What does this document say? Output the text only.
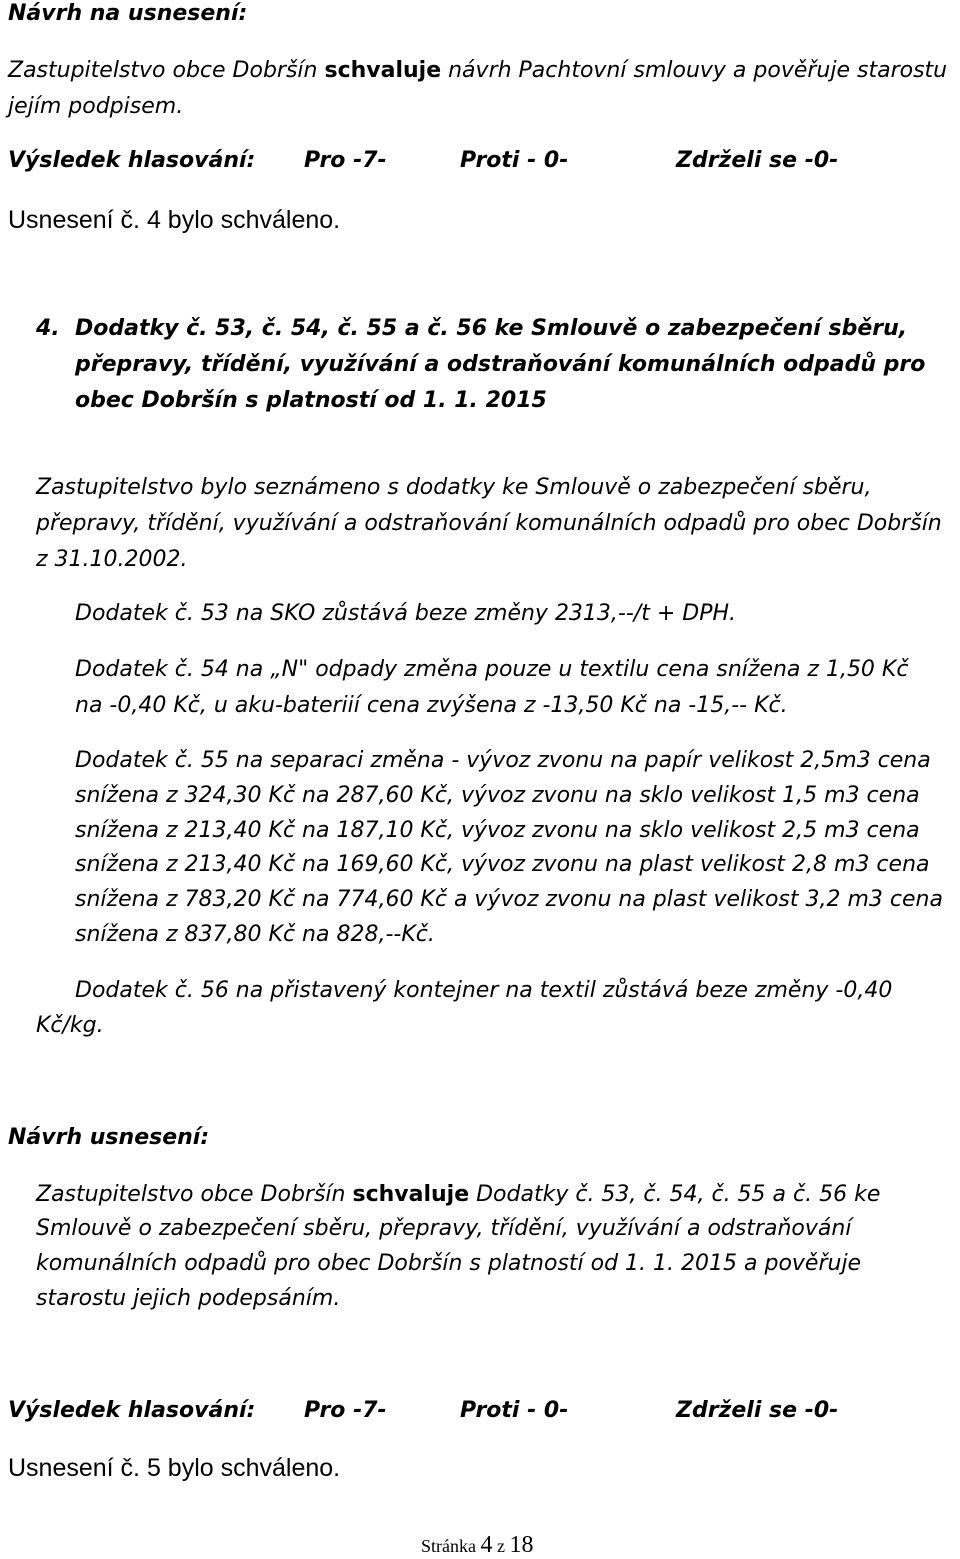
Návrh na usnesení:
Zastupitelstvo obce Dobršín schvaluje návrh Pachtovní smlouvy a pověřuje starostu
jejím podpisem.
Výsledek hlasování: Pro -7-	Proti - 0-	Zdrželi se -0-
Usnesení č. 4 bylo schváleno.
4. Dodatky č. 53, č. 54, č. 55 a č. 56 ke Smlouvě o zabezpečení sběru,
přepravy, třídění, využívání a odstraňování komunálních odpadů pro
obec Dobršín s platností od 1. 1. 2015
Zastupitelstvo bylo seznámeno s dodatky ke Smlouvě o zabezpečení sběru,
přepravy, třídění, využívání a odstraňování komunálních odpadů pro obec Dobršín
z 31.10.2002.
Dodatek č. 53 na SKO zůstává beze změny 2313,--/t + DPH.
Dodatek č. 54 na „N" odpady změna pouze u textilu cena snížena z 1,50 Kč
na -0,40 Kč, u aku-bateriií cena zvýšena z -13,50 Kč na -15,-- Kč.
Dodatek č. 55 na separaci změna - vývoz zvonu na papír velikost 2,5m3 cena
snížena z 324,30 Kč na 287,60 Kč, vývoz zvonu na sklo velikost 1,5 m3 cena
snížena z 213,40 Kč na 187,10 Kč, vývoz zvonu na sklo velikost 2,5 m3 cena
snížena z 213,40 Kč na 169,60 Kč, vývoz zvonu na plast velikost 2,8 m3 cena
snížena z 783,20 Kč na 774,60 Kč a vývoz zvonu na plast velikost 3,2 m3 cena
snížena z 837,80 Kč na 828,--Kč.
Dodatek č. 56 na přistavený kontejner na textil zůstává beze změny -0,40
Kč/kg.
Návrh usnesení:
Zastupitelstvo obce Dobršín schvaluje Dodatky č. 53, č. 54, č. 55 a č. 56 ke
Smlouvě o zabezpečení sběru, přepravy, třídění, využívání a odstraňování
komunálních odpadů pro obec Dobršín s platností od 1. 1. 2015 a pověřuje
starostu jejich podepsáním.
Výsledek hlasování: Pro -7-	Proti - 0-	Zdrželi se -0-
Usnesení č. 5 bylo schváleno.
Stránka 4 z 18
